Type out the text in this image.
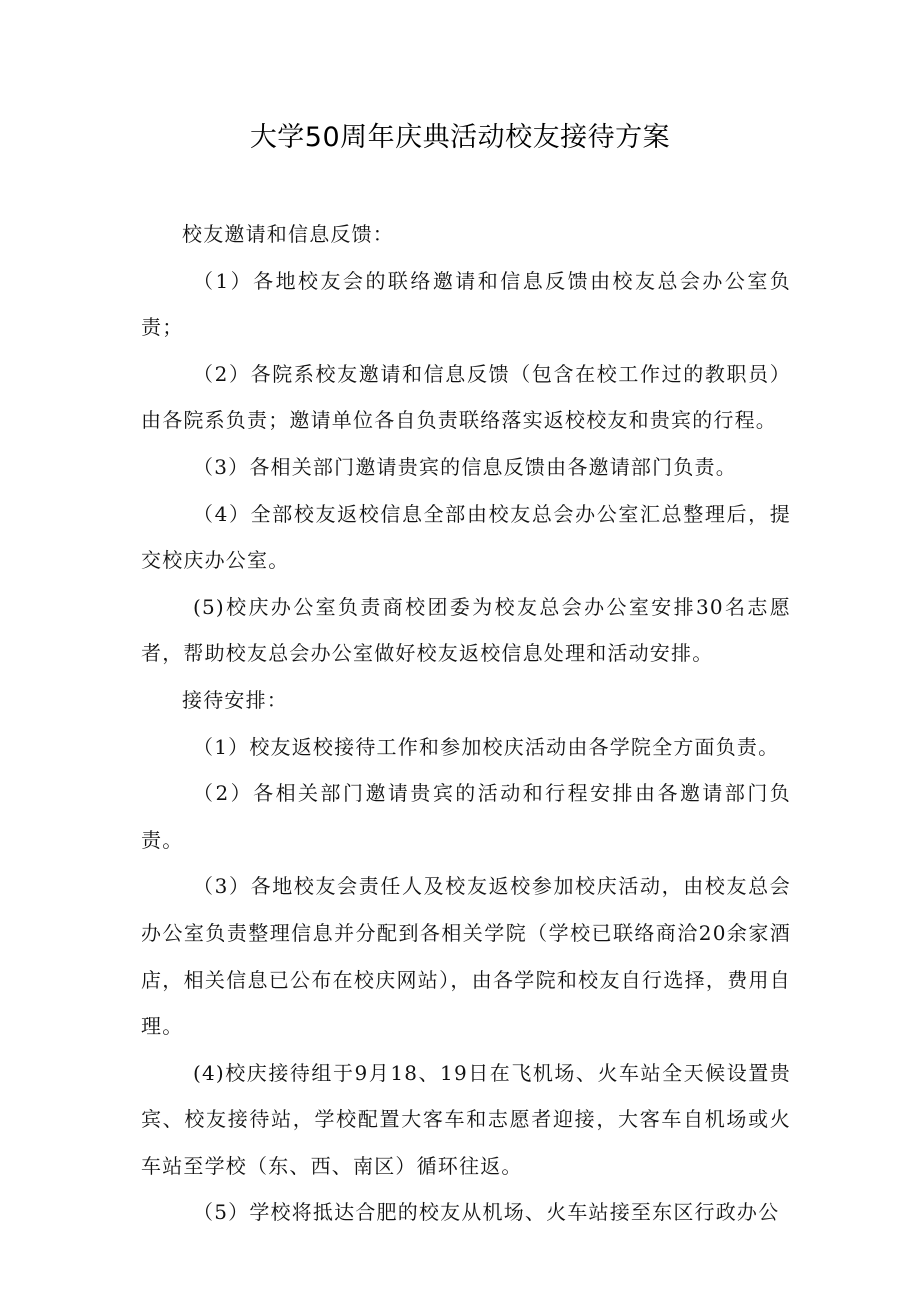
大学50周年庆典活动校友接待方案

校友邀请和信息反馈：

（1）各地校友会的联络邀请和信息反馈由校友总会办公室负责；

（2）各院系校友邀请和信息反馈（包含在校工作过的教职员）由各院系负责；邀请单位各自负责联络落实返校校友和贵宾的行程。

（3）各相关部门邀请贵宾的信息反馈由各邀请部门负责。

（4）全部校友返校信息全部由校友总会办公室汇总整理后，提交校庆办公室。

(5)校庆办公室负责商校团委为校友总会办公室安排30名志愿者，帮助校友总会办公室做好校友返校信息处理和活动安排。

接待安排：

（1）校友返校接待工作和参加校庆活动由各学院全方面负责。

（2）各相关部门邀请贵宾的活动和行程安排由各邀请部门负责。

（3）各地校友会责任人及校友返校参加校庆活动，由校友总会办公室负责整理信息并分配到各相关学院（学校已联络商洽20余家酒店，相关信息已公布在校庆网站），由各学院和校友自行选择，费用自理。

(4)校庆接待组于9月18、19日在飞机场、火车站全天候设置贵宾、校友接待站，学校配置大客车和志愿者迎接，大客车自机场或火车站至学校（东、西、南区）循环往返。

（5）学校将抵达合肥的校友从机场、火车站接至东区行政办公
